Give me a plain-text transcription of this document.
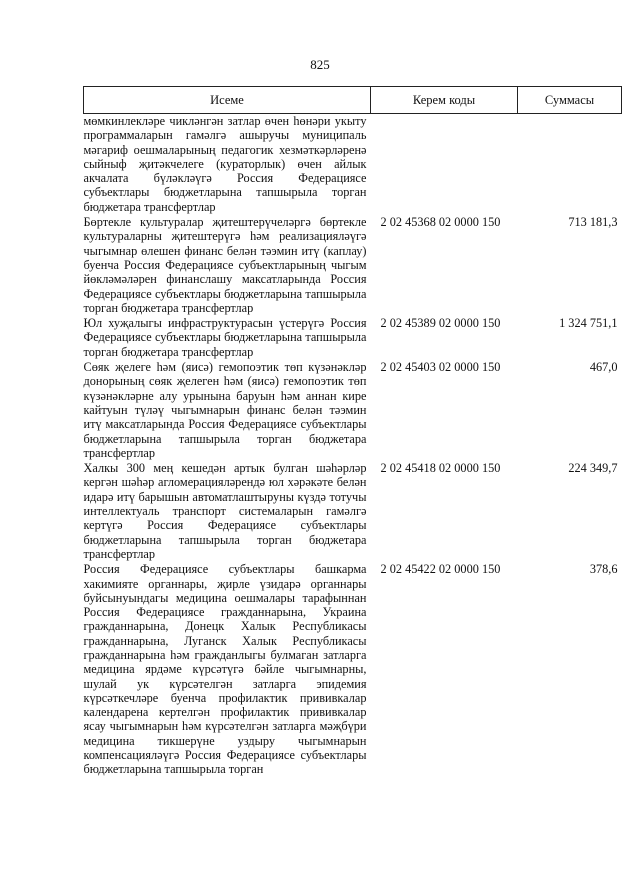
825
Исеме	Керем коды	Суммасы
мөмкинлекләре чикләнгән затлар өчен һөнәри укыту программаларын гамәлгә ашыручы муниципаль мәгариф оешмаларының педагогик хезмәткәрләренә сыйныф җитәкчелеге (кураторлык) өчен айлык акчалата бүләкләүгә Россия Федерациясе субъектлары бюджетларына тапшырыла торган бюджетара трансфертлар		
Бөртекле культуралар җитештерүчеләргә бөртекле культураларны җитештерүгә һәм реализацияләүгә чыгымнар өлешен финанс белән тәэмин итү (каплау) буенча Россия Федерациясе субъектларының чыгым йөкләмәләрен финанслашу максатларында Россия Федерациясе субъектлары бюджетларына тапшырыла торган бюджетара трансфертлар	2 02 45368 02 0000 150	713 181,3
Юл хуҗалыгы инфраструктурасын үстерүгә Россия Федерациясе субъектлары бюджетларына тапшырыла торган бюджетара трансфертлар	2 02 45389 02 0000 150	1 324 751,1
Сөяк җелеге һәм (яисә) гемопоэтик төп күзәнәкләр донорының сөяк җелеген һәм (яисә) гемопоэтик төп күзәнәкләрне алу урынына баруын һәм аннан кире кайтуын түләү чыгымнарын финанс белән тәэмин итү максатларында Россия Федерациясе субъектлары бюджетларына тапшырыла торган бюджетара трансфертлар	2 02 45403 02 0000 150	467,0
Халкы 300 мең кешедән артык булган шәһәрләр кергән шәһәр агломерацияләрендә юл хәрәкәте белән идарә итү барышын автоматлаштыруны күздә тотучы интеллектуаль транспорт системаларын гамәлгә кертүгә Россия Федерациясе субъектлары бюджетларына тапшырыла торган бюджетара трансфертлар	2 02 45418 02 0000 150	224 349,7
Россия Федерациясе субъектлары башкарма хакимияте органнары, җирле үзидарә органнары буйсынуындагы медицина оешмалары тарафыннан Россия Федерациясе гражданнарына, Украина гражданнарына, Донецк Халык Республикасы гражданнарына, Луганск Халык Республикасы гражданнарына һәм гражданлыгы булмаган затларга медицина ярдәме күрсәтүгә бәйле чыгымнарны, шулай ук күрсәтелгән затларга эпидемия күрсәткечләре буенча профилактик прививкалар календарена кертелгән профилактик прививкалар ясау чыгымнарын һәм күрсәтелгән затларга мәҗбүри медицина тикшерүне уздыру чыгымнарын компенсацияләүгә Россия Федерациясе субъектлары бюджетларына тапшырыла торган	2 02 45422 02 0000 150	378,6
